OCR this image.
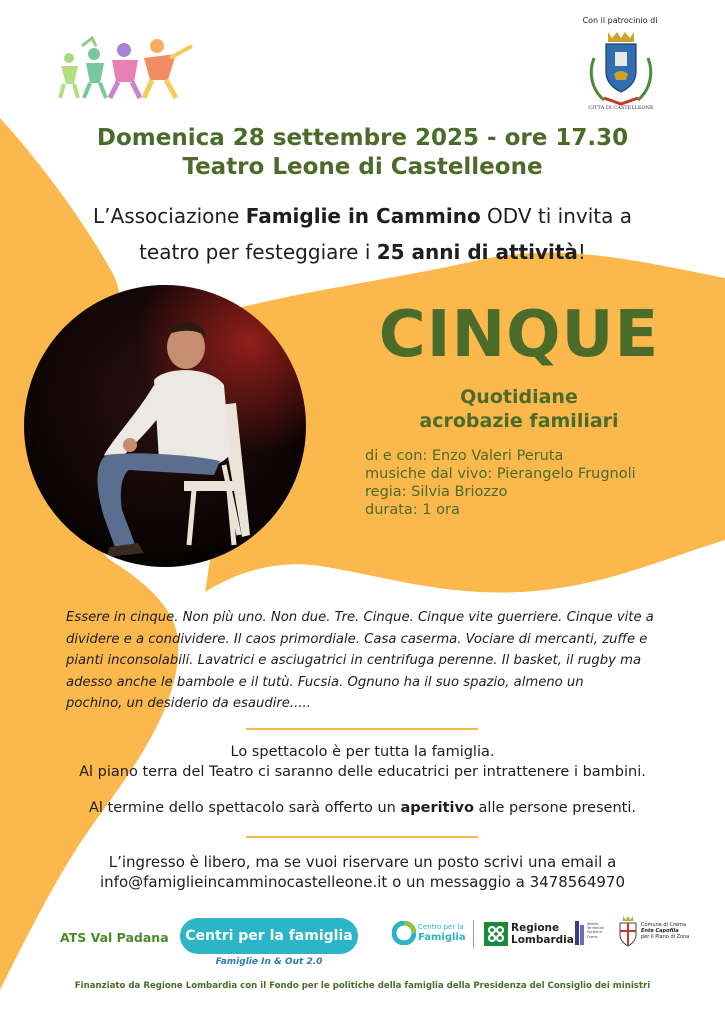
Con il patrocinio di
CITTÀ DI CASTELLEONE
Domenica 28 settembre 2025 - ore 17.30
Teatro Leone di Castelleone
L’Associazione Famiglie in Cammino ODV ti invita a
teatro per festeggiare i 25 anni di attività!
CINQUE
Quotidiane
acrobazie familiari
di e con: Enzo Valeri Peruta
musiche dal vivo: Pierangelo Frugnoli
regia: Silvia Briozzo
durata: 1 ora
Essere in cinque. Non più uno. Non due. Tre. Cinque. Cinque vite guerriere. Cinque vite a
dividere e a condividere. Il caos primordiale. Casa caserma. Vociare di mercanti, zuffe e
pianti inconsolabili. Lavatrici e asciugatrici in centrifuga perenne. Il basket, il rugby ma
adesso anche le bambole e il tutù. Fucsia. Ognuno ha il suo spazio, almeno un
pochino, un desiderio da esaudire.....
Lo spettacolo è per tutta la famiglia.
Al piano terra del Teatro ci saranno delle educatrici per intrattenere i bambini.
Al termine dello spettacolo sarà offerto un aperitivo alle persone presenti.
L’ingresso è libero, ma se vuoi riservare un posto scrivi una email a
info@famiglieincamminocastelleone.it o un messaggio a 3478564970
ATS Val Padana	Centri per la famiglia
Famiglie In & Out 2.0
Centro per la
Famiglia
Regione
Lombardia
Ambito Territoriale Sociale di Crema
Comune di Crema
Ente Capofila
per il Piano di Zona
Finanziato da Regione Lombardia con il Fondo per le politiche della famiglia della Presidenza del Consiglio dei ministri
